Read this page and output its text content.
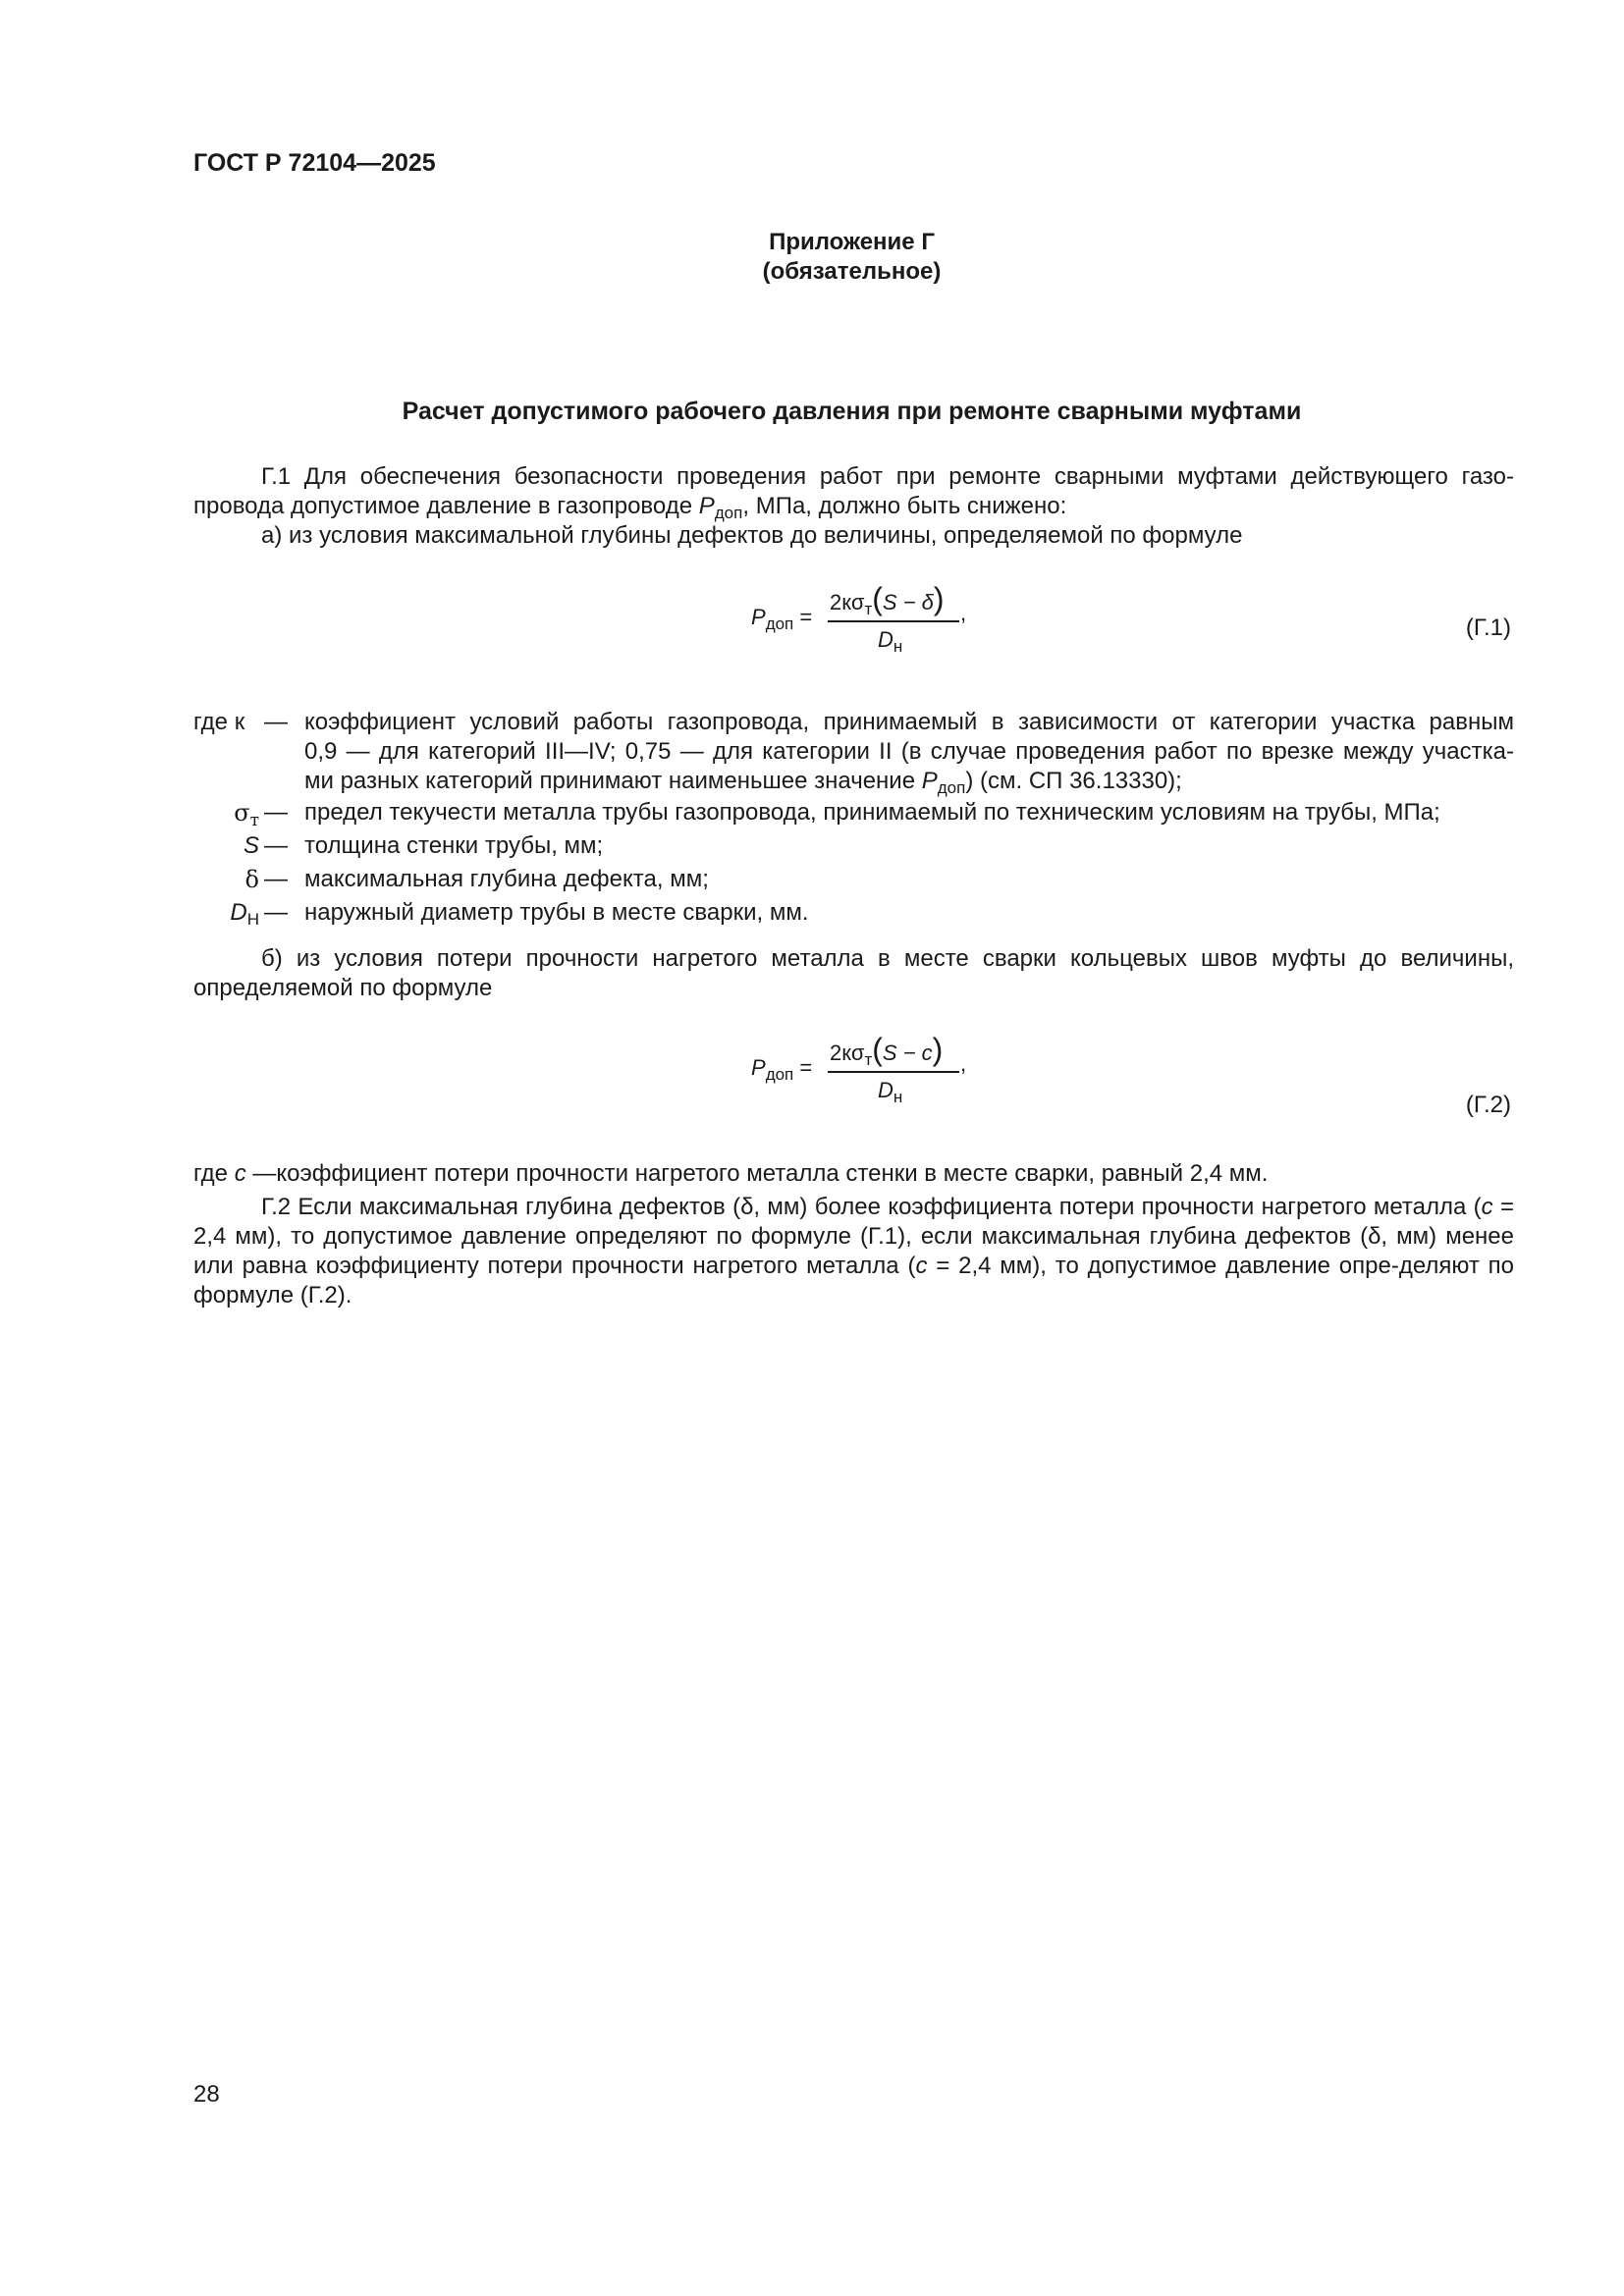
ГОСТ Р 72104—2025
Приложение Г
(обязательное)
Расчет допустимого рабочего давления при ремонте сварными муфтами
Г.1 Для обеспечения безопасности проведения работ при ремонте сварными муфтами действующего газо-провода допустимое давление в газопроводе $P_{доп}$, МПа, должно быть снижено:
а) из условия максимальной глубины дефектов до величины, определяемой по формуле
$P_{доп}$ =
$2к\sigma_т(S - \delta)$ ,
$D_н$
(Г.1)
где к — коэффициент условий работы газопровода, принимаемый в зависимости от категории участка равным
0,9 — для категорий III—IV; 0,75 — для категории II (в случае проведения работ по врезке между участка-
ми разных категорий принимают наименьшее значение $P_{доп}$) (см. СП 36.13330);
$\sigma_т$ — предел текучести металла трубы газопровода, принимаемый по техническим условиям на трубы, МПа;
S — толщина стенки трубы, мм;
δ — максимальная глубина дефекта, мм;
$D_Н$ — наружный диаметр трубы в месте сварки, мм.
б) из условия потери прочности нагретого металла в месте сварки кольцевых швов муфты до величины, определяемой по формуле
$P_{доп}$ =
$2к\sigma_т(S - c)$ ,
$D_н$	(Г.2)
где c —коэффициент потери прочности нагретого металла стенки в месте сварки, равный 2,4 мм.
Г.2 Если максимальная глубина дефектов (δ, мм) более коэффициента потери прочности нагретого металла (c = 2,4 мм), то допустимое давление определяют по формуле (Г.1), если максимальная глубина дефектов (δ, мм) менее или равна коэффициенту потери прочности нагретого металла (c = 2,4 мм), то допустимое давление опре-деляют по формуле (Г.2).
28
